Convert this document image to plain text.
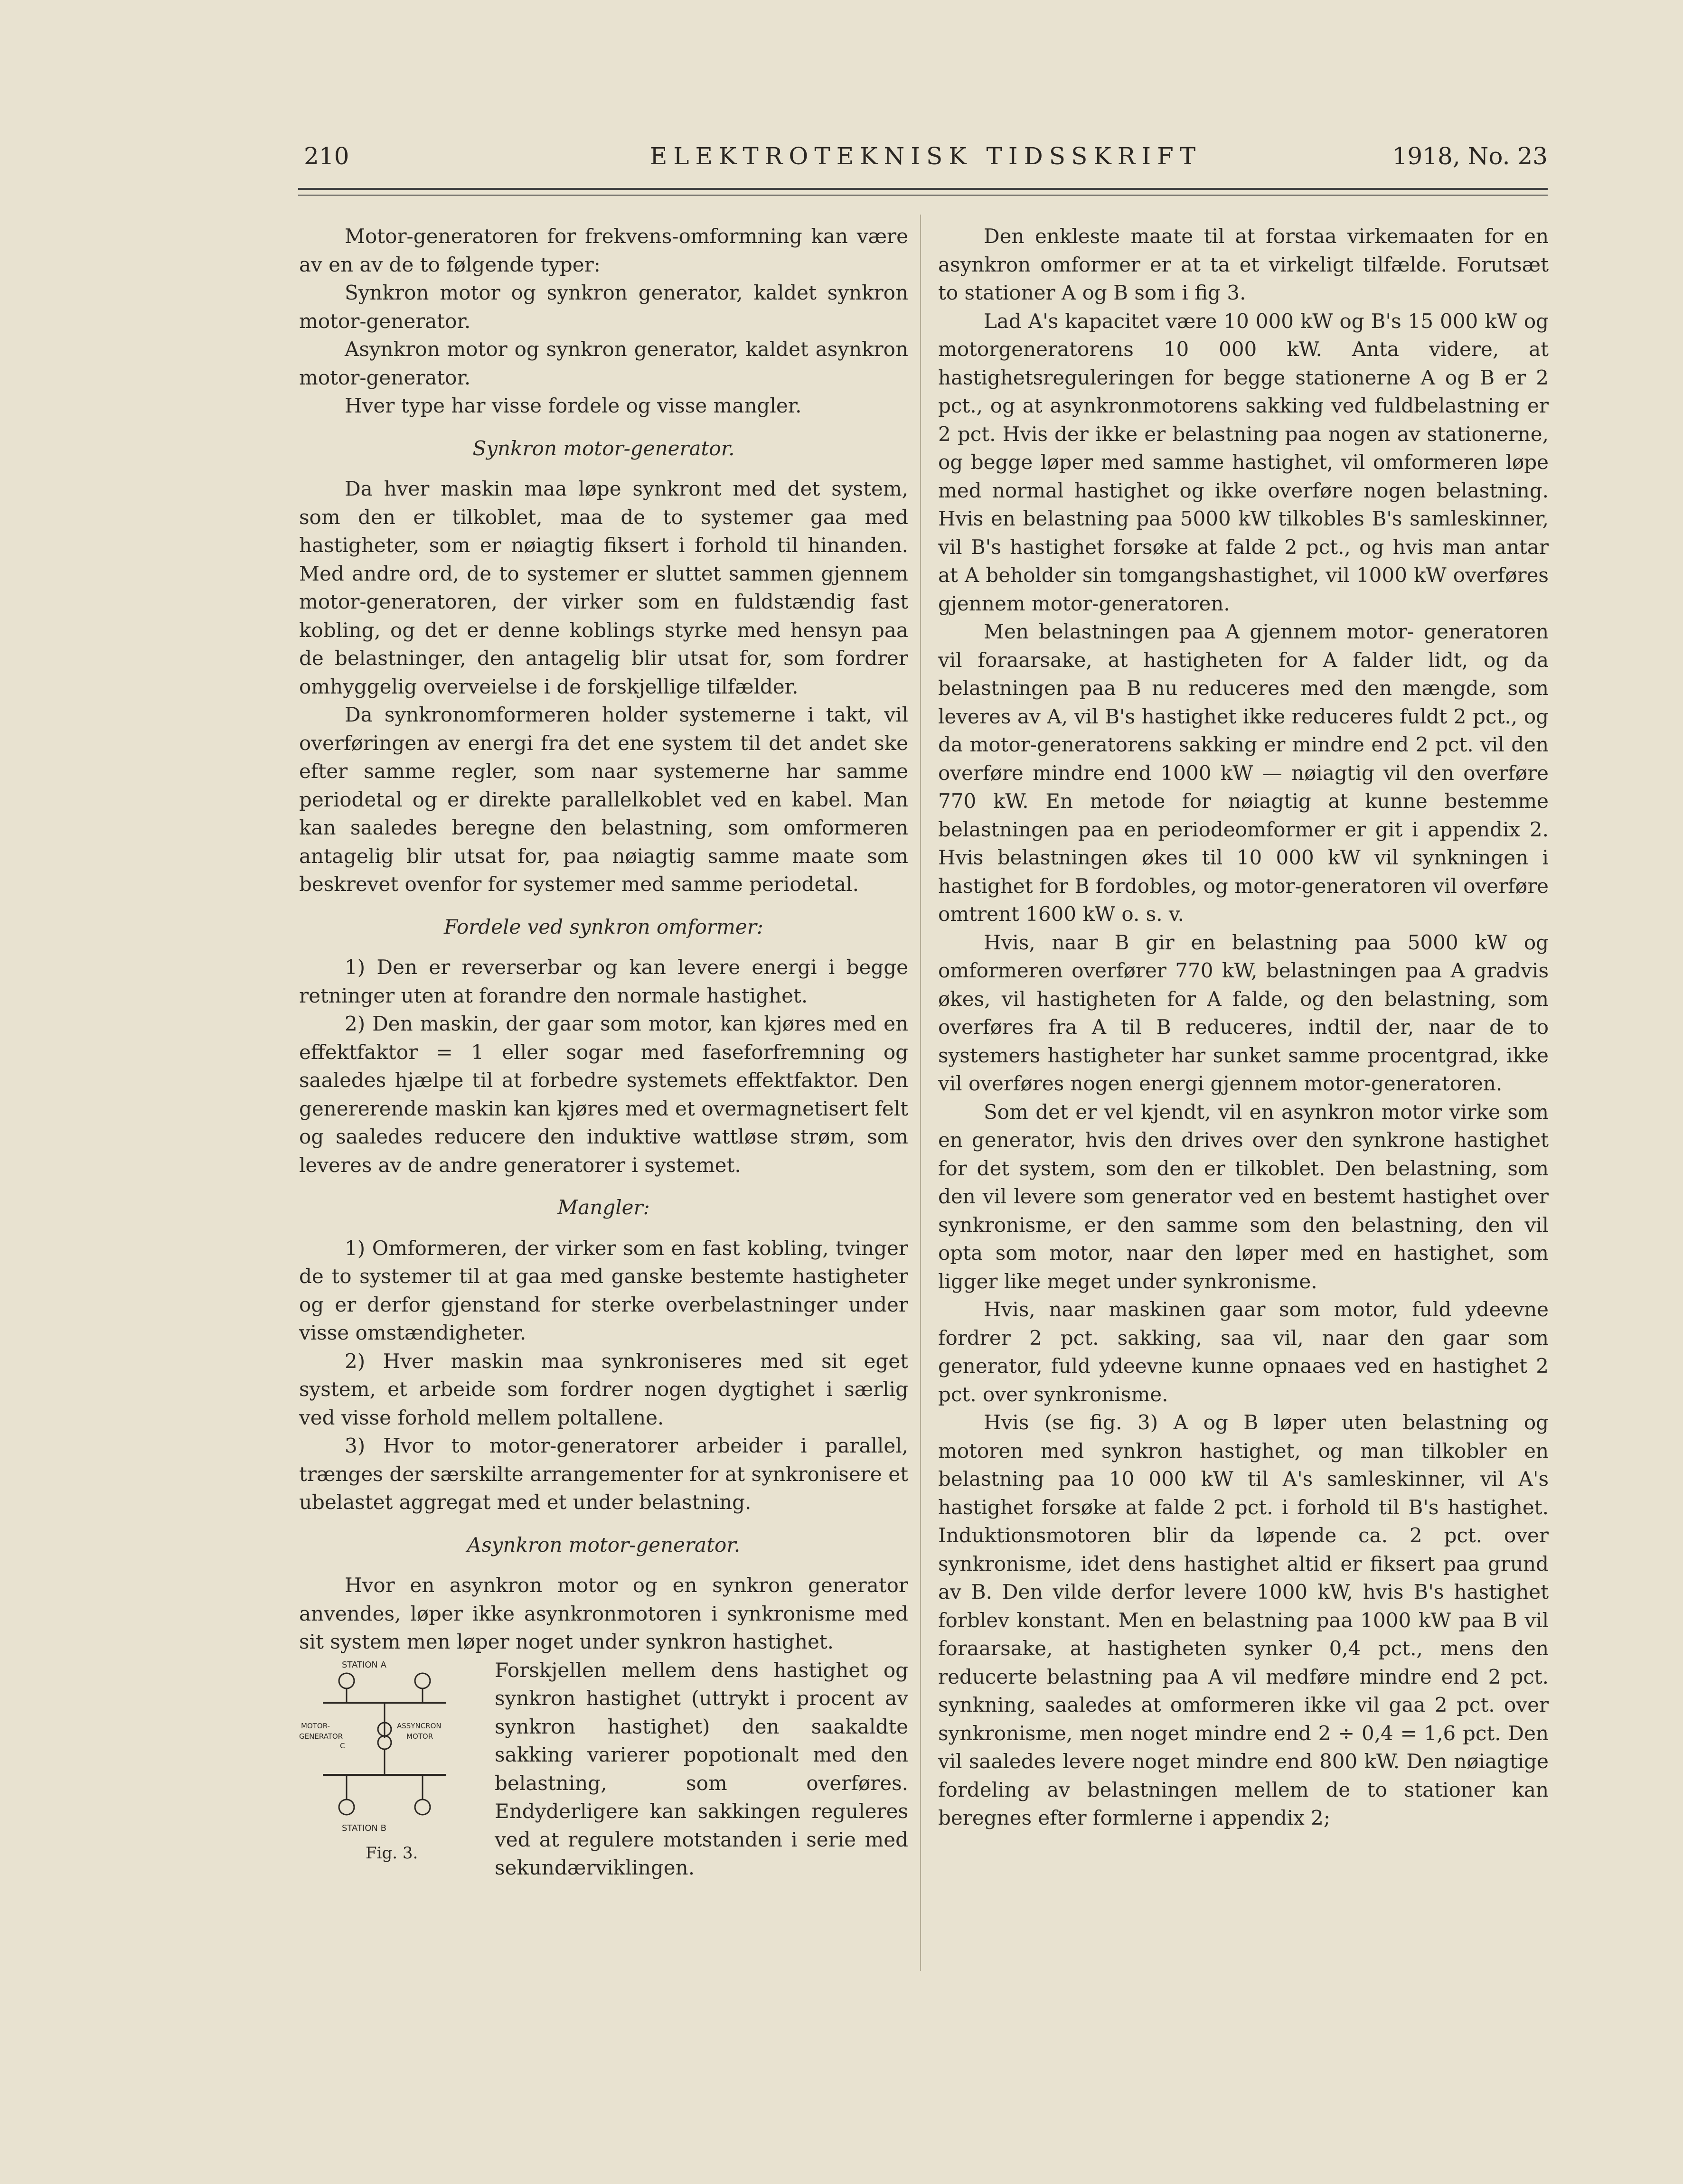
210	ELEKTROTEKNISK TIDSSKRIFT	1918, No. 23

Motor-generatoren for frekvens-omformning kan være av en av de to følgende typer:

Synkron motor og synkron generator, kaldet synkron motor-generator.

Asynkron motor og synkron generator, kaldet asynkron motor-generator.

Hver type har visse fordele og visse mangler.

Synkron motor-generator.

Da hver maskin maa løpe synkront med det system, som den er tilkoblet, maa de to systemer gaa med hastigheter, som er nøiagtig fiksert i forhold til hinanden. Med andre ord, de to systemer er sluttet sammen gjennem motor-generatoren, der virker som en fuldstændig fast kobling, og det er denne koblings styrke med hensyn paa de belastninger, den antagelig blir utsat for, som fordrer omhyggelig overveielse i de forskjellige tilfælder.

Da synkronomformeren holder systemerne i takt, vil overføringen av energi fra det ene system til det andet ske efter samme regler, som naar systemerne har samme periodetal og er direkte parallelkoblet ved en kabel. Man kan saaledes beregne den belastning, som omformeren antagelig blir utsat for, paa nøiagtig samme maate som beskrevet ovenfor for systemer med samme periodetal.

Fordele ved synkron omformer:

1) Den er reverserbar og kan levere energi i begge retninger uten at forandre den normale hastighet.

2) Den maskin, der gaar som motor, kan kjøres med en effektfaktor = 1 eller sogar med faseforfremning og saaledes hjælpe til at forbedre systemets effektfaktor. Den genererende maskin kan kjøres med et overmagnetisert felt og saaledes reducere den induktive wattløse strøm, som leveres av de andre generatorer i systemet.

Mangler:

1) Omformeren, der virker som en fast kobling, tvinger de to systemer til at gaa med ganske bestemte hastigheter og er derfor gjenstand for sterke overbelastninger under visse omstændigheter.

2) Hver maskin maa synkroniseres med sit eget system, et arbeide som fordrer nogen dygtighet i særlig ved visse forhold mellem poltallene.

3) Hvor to motor-generatorer arbeider i parallel, trænges der særskilte arrangementer for at synkronisere et ubelastet aggregat med et under belastning.

Asynkron motor-generator.

Hvor en asynkron motor og en synkron generator anvendes, løper ikke asynkronmotoren i synkronisme med sit system men løper noget under synkron hastighet.

STATION A
MOTOR-	ASSYNCRON
GENERATOR	MOTOR
C
STATION B
Fig. 3.

Forskjellen mellem dens hastighet og synkron hastighet (uttrykt i procent av synkron hastighet) den saakaldte sakking varierer popotionalt med den belastning, som overføres. Endyderligere kan sakkingen reguleres ved at regulere motstanden i serie med sekundærviklingen.

Den enkleste maate til at forstaa virkemaaten for en asynkron omformer er at ta et virkeligt tilfælde. Forutsæt to stationer A og B som i fig 3.

Lad A's kapacitet være 10 000 kW og B's 15 000 kW og motorgeneratorens 10 000 kW. Anta videre, at hastighetsreguleringen for begge stationerne A og B er 2 pct., og at asynkronmotorens sakking ved fuldbelastning er 2 pct. Hvis der ikke er belastning paa nogen av stationerne, og begge løper med samme hastighet, vil omformeren løpe med normal hastighet og ikke overføre nogen belastning. Hvis en belastning paa 5000 kW tilkobles B's samleskinner, vil B's hastighet forsøke at falde 2 pct., og hvis man antar at A beholder sin tomgangshastighet, vil 1000 kW overføres gjennem motor-generatoren.

Men belastningen paa A gjennem motor- generatoren vil foraarsake, at hastigheten for A falder lidt, og da belastningen paa B nu reduceres med den mængde, som leveres av A, vil B's hastighet ikke reduceres fuldt 2 pct., og da motor-generatorens sakking er mindre end 2 pct. vil den overføre mindre end 1000 kW — nøiagtig vil den overføre 770 kW. En metode for nøiagtig at kunne bestemme belastningen paa en periodeomformer er git i appendix 2. Hvis belastningen økes til 10 000 kW vil synkningen i hastighet for B fordobles, og motor-generatoren vil overføre omtrent 1600 kW o. s. v.

Hvis, naar B gir en belastning paa 5000 kW og omformeren overfører 770 kW, belastningen paa A gradvis økes, vil hastigheten for A falde, og den belastning, som overføres fra A til B reduceres, indtil der, naar de to systemers hastigheter har sunket samme procentgrad, ikke vil overføres nogen energi gjennem motor-generatoren.

Som det er vel kjendt, vil en asynkron motor virke som en generator, hvis den drives over den synkrone hastighet for det system, som den er tilkoblet. Den belastning, som den vil levere som generator ved en bestemt hastighet over synkronisme, er den samme som den belastning, den vil opta som motor, naar den løper med en hastighet, som ligger like meget under synkronisme.

Hvis, naar maskinen gaar som motor, fuld ydeevne fordrer 2 pct. sakking, saa vil, naar den gaar som generator, fuld ydeevne kunne opnaaes ved en hastighet 2 pct. over synkronisme.

Hvis (se fig. 3) A og B løper uten belastning og motoren med synkron hastighet, og man tilkobler en belastning paa 10 000 kW til A's samleskinner, vil A's hastighet forsøke at falde 2 pct. i forhold til B's hastighet. Induktionsmotoren blir da løpende ca. 2 pct. over synkronisme, idet dens hastighet altid er fiksert paa grund av B. Den vilde derfor levere 1000 kW, hvis B's hastighet forblev konstant. Men en belastning paa 1000 kW paa B vil foraarsake, at hastigheten synker 0,4 pct., mens den reducerte belastning paa A vil medføre mindre end 2 pct. synkning, saaledes at omformeren ikke vil gaa 2 pct. over synkronisme, men noget mindre end 2 ÷ 0,4 = 1,6 pct. Den vil saaledes levere noget mindre end 800 kW. Den nøiagtige fordeling av belastningen mellem de to stationer kan beregnes efter formlerne i appendix 2;
